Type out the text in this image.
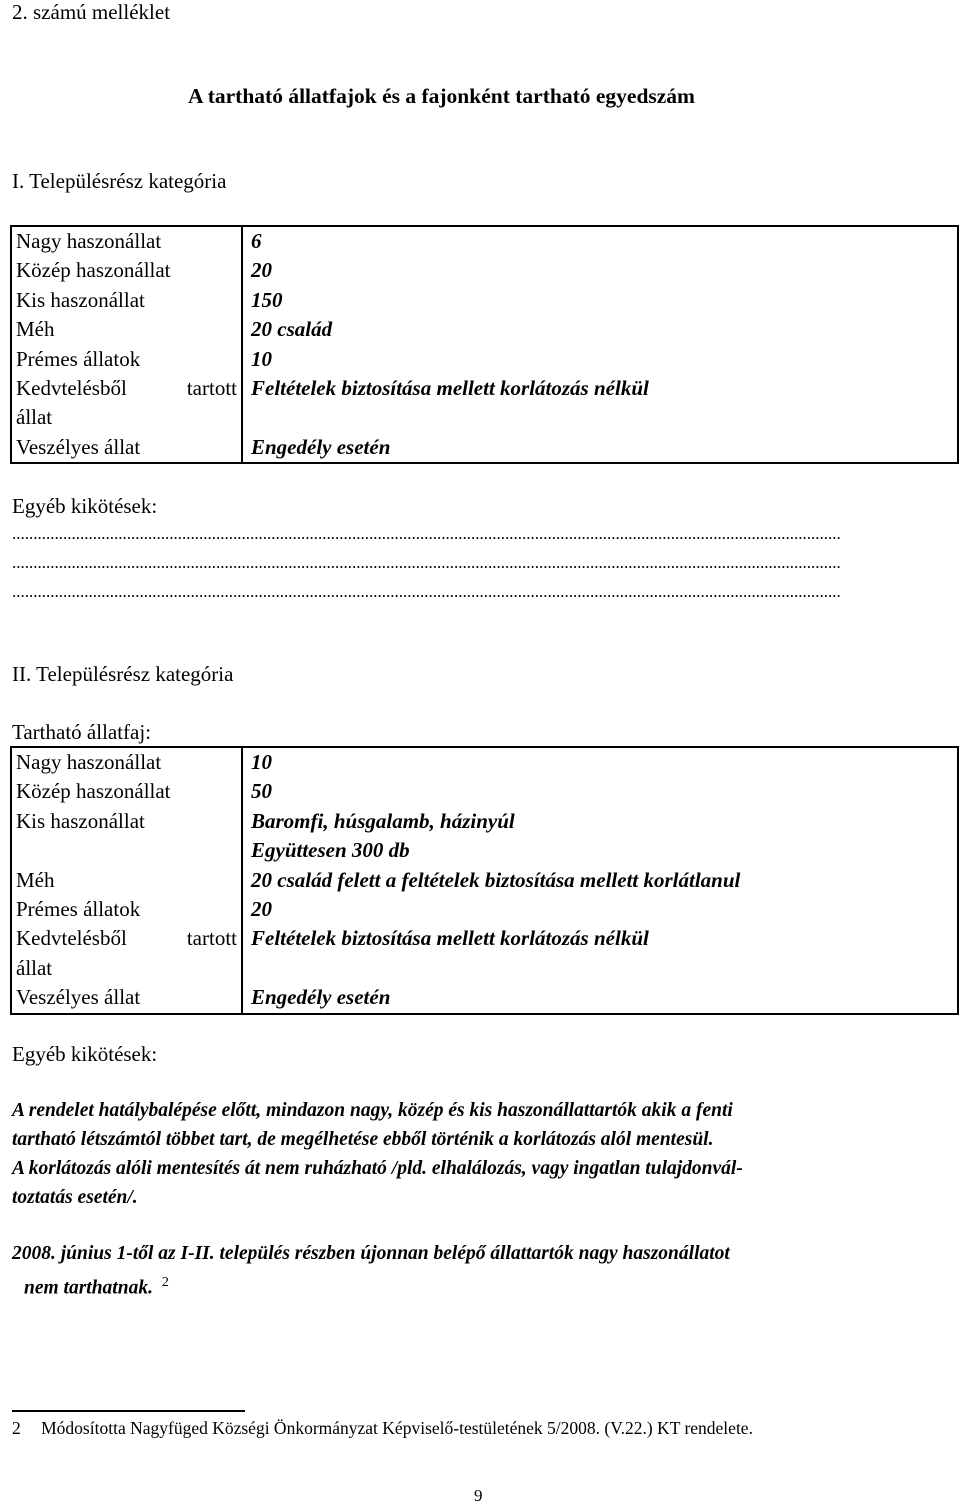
2. számú melléklet
A tartható állatfajok és a fajonként tartható egyedszám
I. Településrész kategória
Nagy haszonállat	6
Közép haszonállat	20
Kis haszonállat	150
Méh	20 család
Prémes állatok	10

Kedvtelésből tartott
állat	Feltételek biztosítása mellett korlátozás nélkül
Veszélyes állat	Engedély esetén
Egyéb kikötések:
...................................................................................................................................................................................................
...................................................................................................................................................................................................
...................................................................................................................................................................................................
II. Településrész kategória
Tartható állatfaj:
Nagy haszonállat	10
Közép haszonállat	50
Kis haszonállat	Baromfi, húsgalamb, házinyúl
Együttesen 300 db

Méh	20 család felett a feltételek biztosítása mellett korlátlanul
Prémes állatok	20

Kedvtelésből tartott
állat	Feltételek biztosítása mellett korlátozás nélkül
Veszélyes állat	Engedély esetén
Egyéb kikötések:
A rendelet hatálybalépése előtt, mindazon nagy, közép és kis haszonállattartók akik a fenti
tartható létszámtól többet tart, de megélhetése ebből történik a korlátozás alól mentesül.
A korlátozás alóli mentesítés át nem ruházható /pld. elhalálozás, vagy ingatlan tulajdonvál-
toztatás esetén/.
2008. június 1-től az I-II. település részben újonnan belépő állattartók nagy haszonállatot
nem tarthatnak. $^2$
2 Módosította Nagyfüged Községi Önkormányzat Képviselő-testületének 5/2008. (V.22.) KT rendelete.
9
